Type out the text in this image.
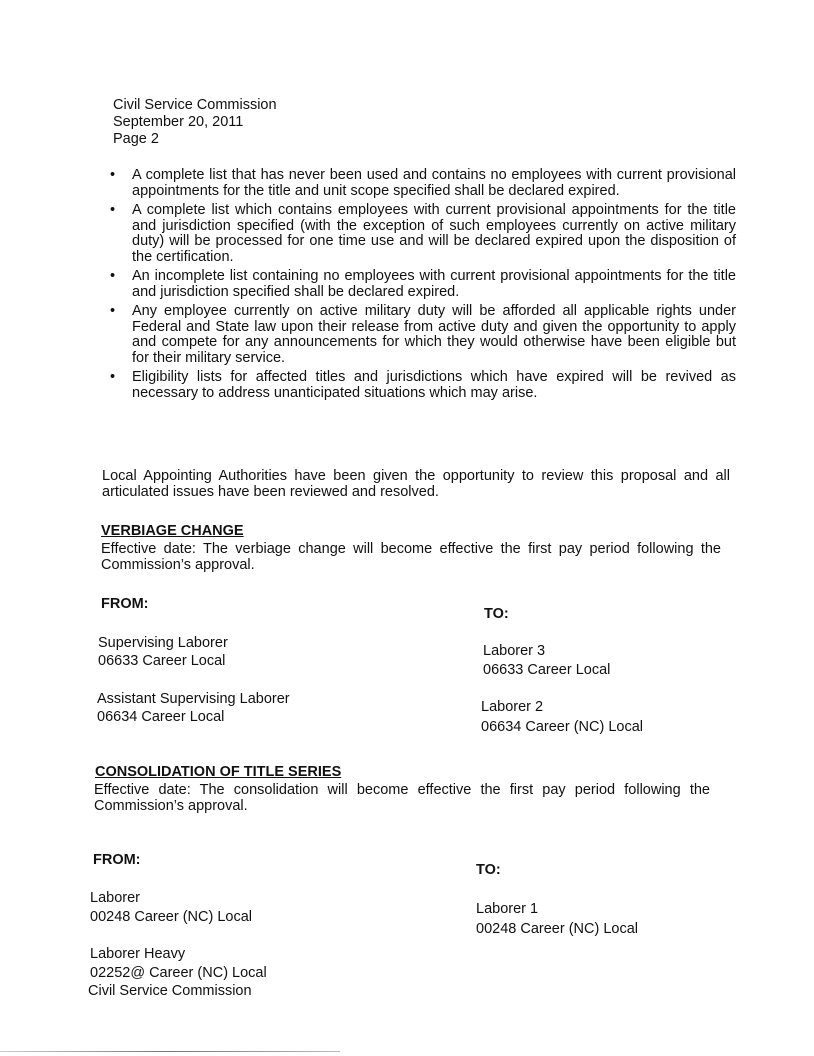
Civil Service Commission
September 20, 2011
Page 2
• A complete list that has never been used and contains no employees with current provisional appointments for the title and unit scope specified shall be declared expired.
• A complete list which contains employees with current provisional appointments for the title and jurisdiction specified (with the exception of such employees currently on active military duty) will be processed for one time use and will be declared expired upon the disposition of the certification.
• An incomplete list containing no employees with current provisional appointments for the title and jurisdiction specified shall be declared expired.
• Any employee currently on active military duty will be afforded all applicable rights under Federal and State law upon their release from active duty and given the opportunity to apply and compete for any announcements for which they would otherwise have been eligible but for their military service.
• Eligibility lists for affected titles and jurisdictions which have expired will be revived as necessary to address unanticipated situations which may arise.
Local Appointing Authorities have been given the opportunity to review this proposal and all articulated issues have been reviewed and resolved.
VERBIAGE CHANGE
Effective date: The verbiage change will become effective the first pay period following the Commission’s approval.
FROM:
TO:
Supervising Laborer
06633 Career Local
Assistant Supervising Laborer
06634 Career Local
Laborer 3
06633 Career Local
Laborer 2
06634 Career (NC) Local
CONSOLIDATION OF TITLE SERIES
Effective date: The consolidation will become effective the first pay period following the Commission’s approval.
FROM:
TO:
Laborer
00248 Career (NC) Local
Laborer Heavy
02252@ Career (NC) Local
Laborer 1
00248 Career (NC) Local
Civil Service Commission
